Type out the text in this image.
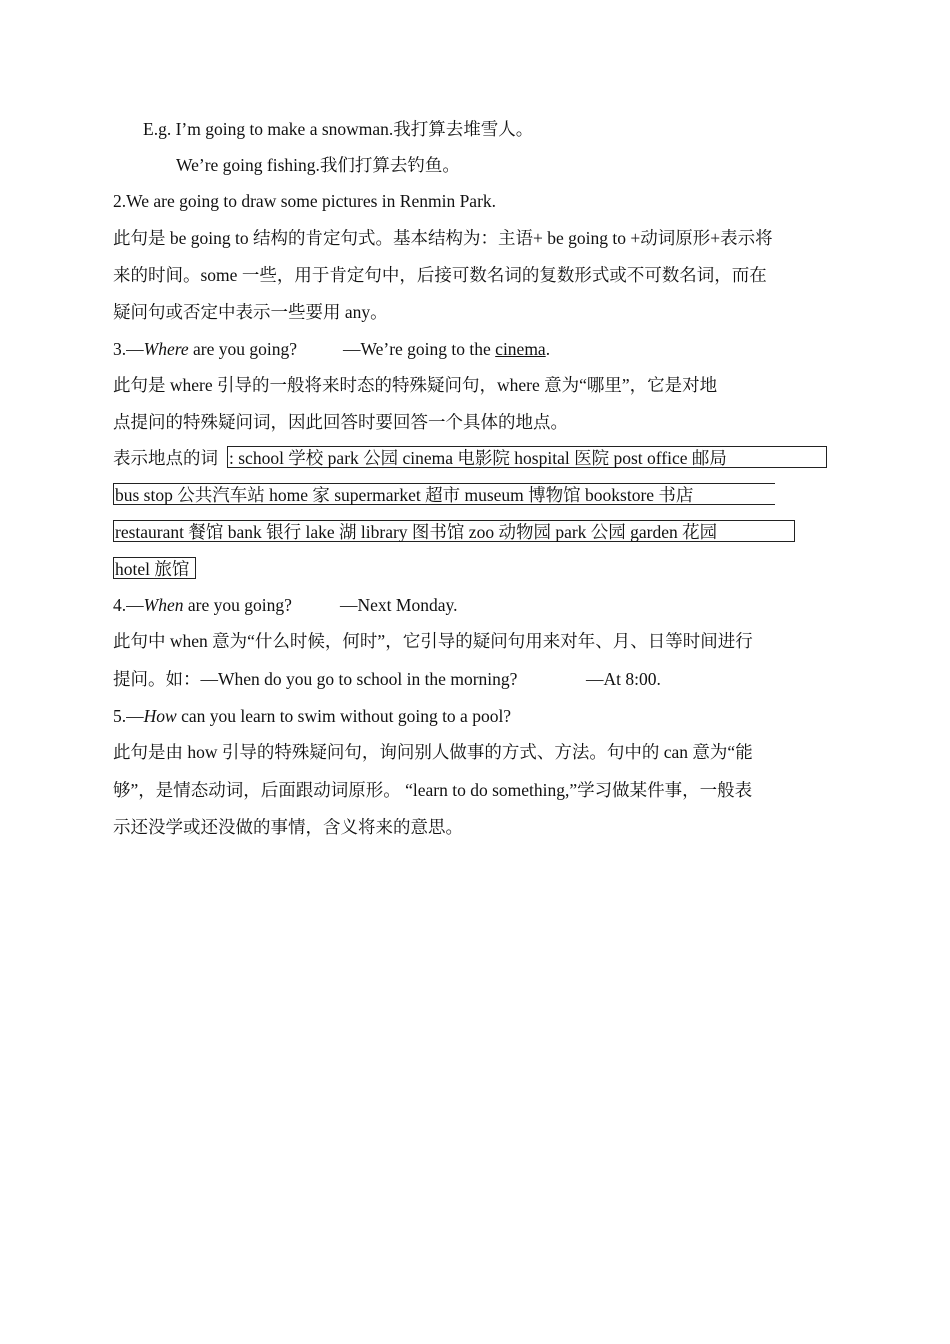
E.g. I’m going to make a snowman.我打算去堆雪人。
We’re going fishing.我们打算去钓鱼。
2.We are going to draw some pictures in Renmin Park.
此句是 be going to 结构的肯定句式。基本结构为：主语+ be going to +动词原形+表示将
来的时间。some 一些，用于肯定句中，后接可数名词的复数形式或不可数名词，而在
疑问句或否定中表示一些要用 any。
3.—Where are you going?	—We’re going to the cinema.
此句是 where 引导的一般将来时态的特殊疑问句，where 意为“哪里”，它是对地
点提问的特殊疑问词，因此回答时要回答一个具体的地点。
表示地点的词 : school 学校 park 公园 cinema 电影院 hospital 医院 post office 邮局
bus stop 公共汽车站 home 家 supermarket 超市 museum 博物馆 bookstore 书店
restaurant 餐馆 bank 银行 lake 湖 library 图书馆 zoo 动物园 park 公园 garden 花园
hotel 旅馆
4.—When are you going?	—Next Monday.
此句中 when 意为“什么时候，何时”，它引导的疑问句用来对年、月、日等时间进行
提问。如：—When do you go to school in the morning?	—At 8:00.
5.—How can you learn to swim without going to a pool?
此句是由 how 引导的特殊疑问句，询问别人做事的方式、方法。句中的 can 意为“能
够”，是情态动词，后面跟动词原形。 “learn to do something,”学习做某件事，一般表
示还没学或还没做的事情，含义将来的意思。
